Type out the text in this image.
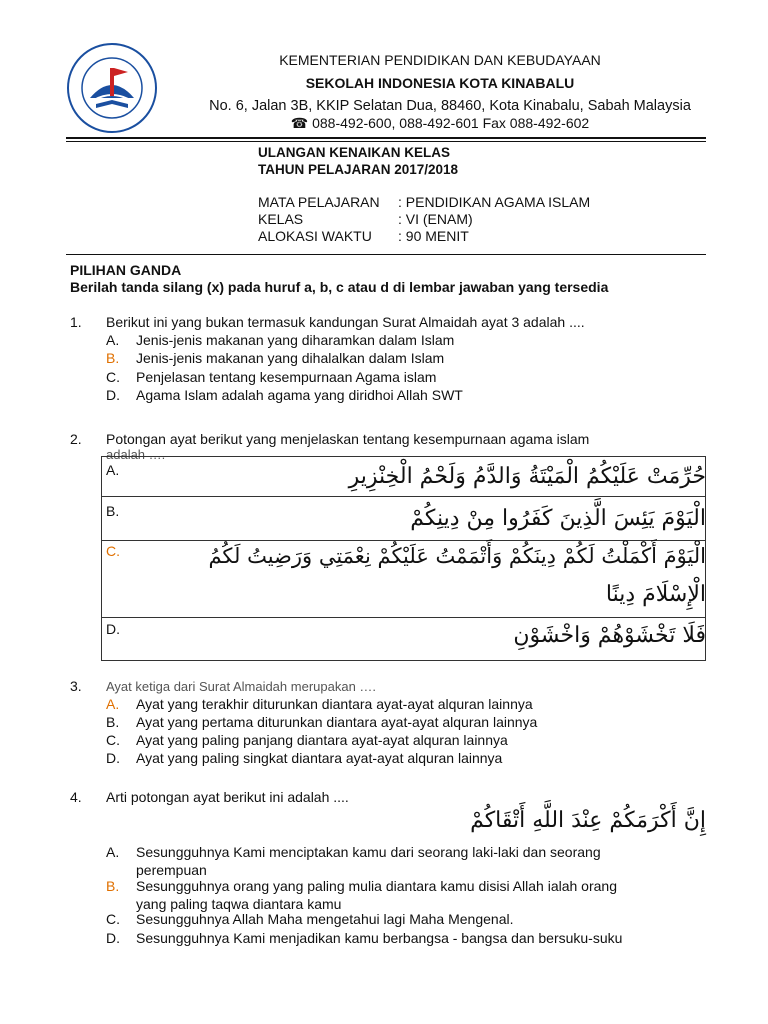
KEMENTERIAN PENDIDIKAN DAN KEBUDAYAAN
SEKOLAH INDONESIA KOTA KINABALU
No. 6, Jalan 3B, KKIP Selatan Dua, 88460, Kota Kinabalu, Sabah Malaysia
☎ 088-492-600, 088-492-601 Fax 088-492-602
ULANGAN KENAIKAN KELAS
TAHUN PELAJARAN 2017/2018
MATA PELAJARAN : PENDIDIKAN AGAMA ISLAM
KELAS	: VI (ENAM)
ALOKASI WAKTU : 90 MENIT
PILIHAN GANDA
Berilah tanda silang (x) pada huruf a, b, c atau d di lembar jawaban yang tersedia
1. Berikut ini yang bukan termasuk kandungan Surat Almaidah ayat 3 adalah ....
A. Jenis-jenis makanan yang diharamkan dalam Islam
B. Jenis-jenis makanan yang dihalalkan dalam Islam
C. Penjelasan tentang kesempurnaan Agama islam
D. Agama Islam adalah agama yang diridhoi Allah SWT
2. Potongan ayat berikut yang menjelaskan tentang kesempurnaan agama islam
adalah ….
A.	حُرِّمَتْ عَلَيْكُمُ الْمَيْتَةُ وَالدَّمُ وَلَحْمُ الْخِنْزِيرِ
B.	الْيَوْمَ يَئِسَ الَّذِينَ كَفَرُوا مِنْ دِينِكُمْ
C.	الْيَوْمَ أَكْمَلْتُ لَكُمْ دِينَكُمْ وَأَتْمَمْتُ عَلَيْكُمْ نِعْمَتِي وَرَضِيتُ لَكُمُ
الْإِسْلَامَ دِينًا
D.	فَلَا تَخْشَوْهُمْ وَاخْشَوْنِ
3. Ayat ketiga dari Surat Almaidah merupakan ….
A. Ayat yang terakhir diturunkan diantara ayat-ayat alquran lainnya
B. Ayat yang pertama diturunkan diantara ayat-ayat alquran lainnya
C. Ayat yang paling panjang diantara ayat-ayat alquran lainnya
D. Ayat yang paling singkat diantara ayat-ayat alquran lainnya
4. Arti potongan ayat berikut ini adalah ....
إِنَّ أَكْرَمَكُمْ عِنْدَ اللَّهِ أَتْقَاكُمْ
A. Sesungguhnya Kami menciptakan kamu dari seorang laki-laki dan seorang
perempuan
B. Sesungguhnya orang yang paling mulia diantara kamu disisi Allah ialah orang
yang paling taqwa diantara kamu
C. Sesungguhnya Allah Maha mengetahui lagi Maha Mengenal.
D. Sesungguhnya Kami menjadikan kamu berbangsa - bangsa dan bersuku-suku
